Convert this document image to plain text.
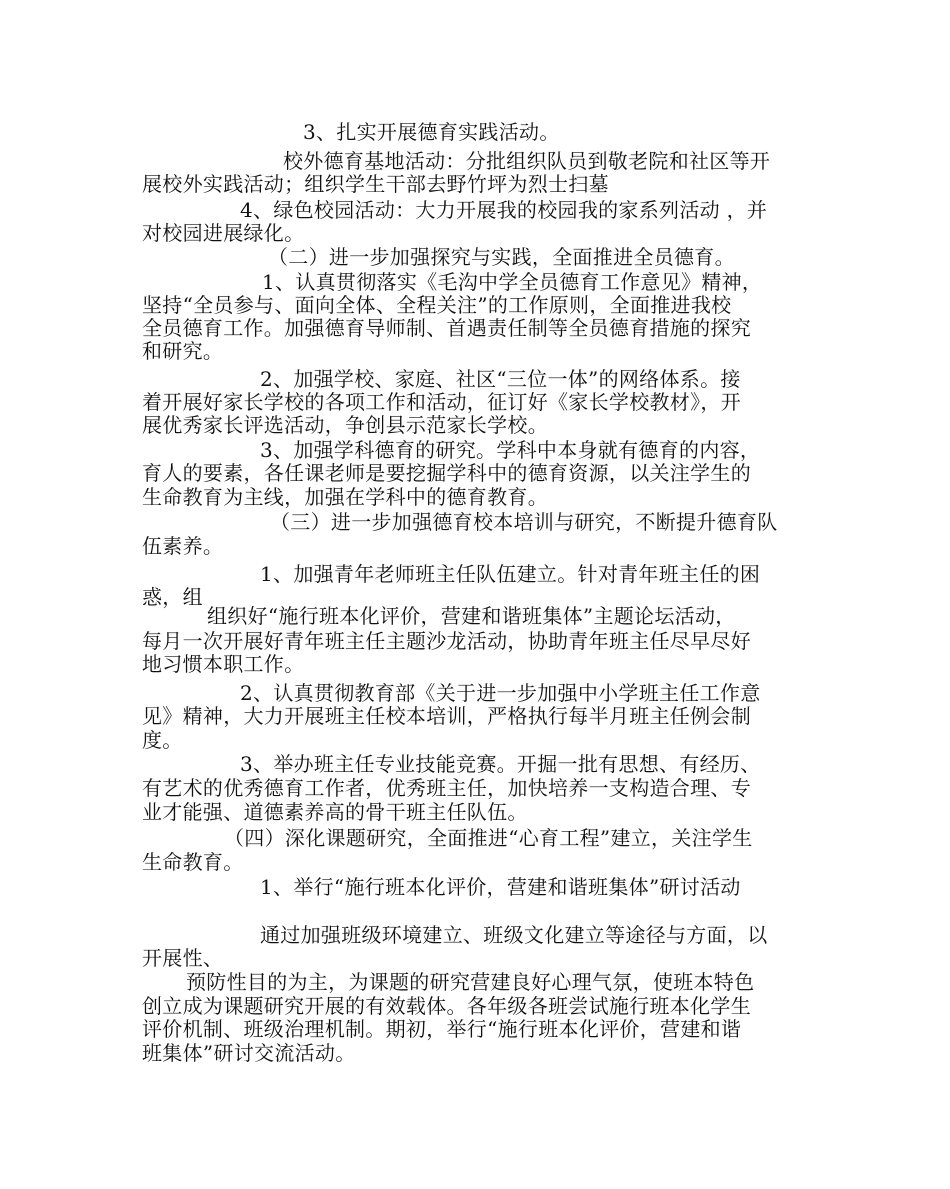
3、扎实开展德育实践活动。
校外德育基地活动：分批组织队员到敬老院和社区等开
展校外实践活动；组织学生干部去野竹坪为烈士扫墓
4、绿色校园活动：大力开展我的校园我的家系列活动 ，并
对校园进展绿化。
（二）进一步加强探究与实践，全面推进全员德育。
1、认真贯彻落实《毛沟中学全员德育工作意见》精神，
坚持“全员参与、面向全体、全程关注”的工作原则，全面推进我校
全员德育工作。加强德育导师制、首遇责任制等全员德育措施的探究
和研究。
2、加强学校、家庭、社区“三位一体”的网络体系。接
着开展好家长学校的各项工作和活动，征订好《家长学校教材》，开
展优秀家长评选活动，争创县示范家长学校。
3、加强学科德育的研究。学科中本身就有德育的内容，
育人的要素，各任课老师是要挖掘学科中的德育资源，以关注学生的
生命教育为主线，加强在学科中的德育教育。
（三）进一步加强德育校本培训与研究，不断提升德育队
伍素养。
1、加强青年老师班主任队伍建立。针对青年班主任的困
惑，组
组织好“施行班本化评价，营建和谐班集体”主题论坛活动，
每月一次开展好青年班主任主题沙龙活动，协助青年班主任尽早尽好
地习惯本职工作。
2、认真贯彻教育部《关于进一步加强中小学班主任工作意
见》精神，大力开展班主任校本培训，严格执行每半月班主任例会制
度。
3、举办班主任专业技能竞赛。开掘一批有思想、有经历、
有艺术的优秀德育工作者，优秀班主任，加快培养一支构造合理、专
业才能强、道德素养高的骨干班主任队伍。
（四）深化课题研究，全面推进“心育工程”建立，关注学生
生命教育。
1、举行“施行班本化评价，营建和谐班集体”研讨活动
通过加强班级环境建立、班级文化建立等途径与方面，以
开展性、
预防性目的为主，为课题的研究营建良好心理气氛，使班本特色
创立成为课题研究开展的有效载体。各年级各班尝试施行班本化学生
评价机制、班级治理机制。期初，举行“施行班本化评价，营建和谐
班集体”研讨交流活动。
